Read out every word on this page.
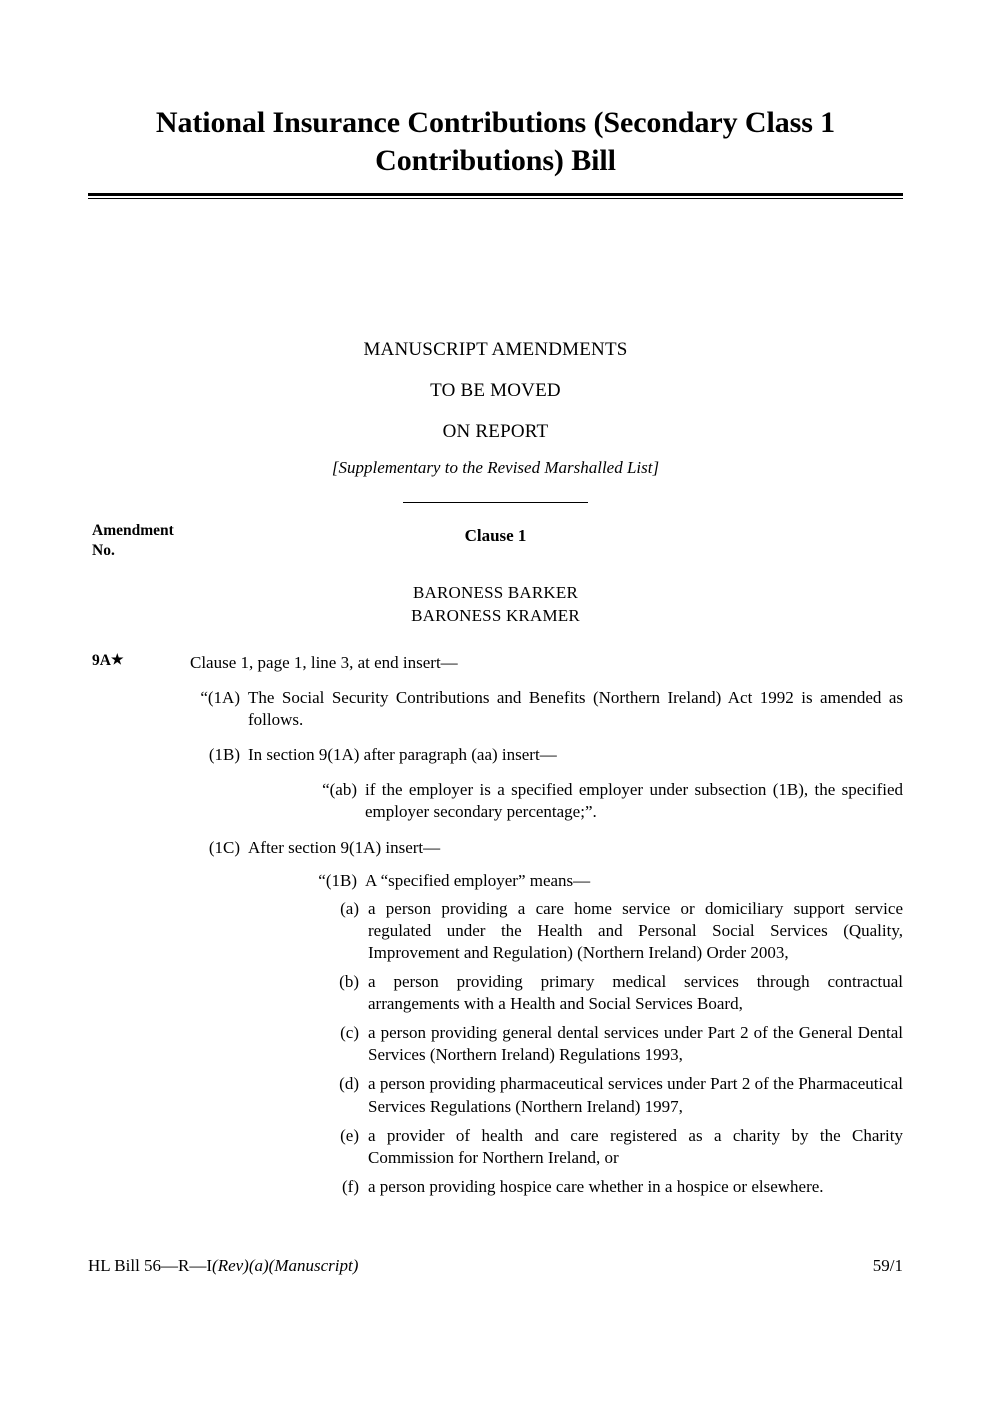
National Insurance Contributions (Secondary Class 1 Contributions) Bill
MANUSCRIPT AMENDMENTS
TO BE MOVED
ON REPORT
[Supplementary to the Revised Marshalled List]
Amendment
No.
Clause 1
BARONESS BARKER
BARONESS KRAMER
9A★	Clause 1, page 1, line 3, at end insert—
“(1A) The Social Security Contributions and Benefits (Northern Ireland) Act 1992 is amended as follows.
(1B) In section 9(1A) after paragraph (aa) insert—
“(ab) if the employer is a specified employer under subsection (1B), the specified employer secondary percentage;”.
(1C) After section 9(1A) insert—
“(1B) A “specified employer” means—
(a) a person providing a care home service or domiciliary support service regulated under the Health and Personal Social Services (Quality, Improvement and Regulation) (Northern Ireland) Order 2003,
(b) a person providing primary medical services through contractual arrangements with a Health and Social Services Board,
(c) a person providing general dental services under Part 2 of the General Dental Services (Northern Ireland) Regulations 1993,
(d) a person providing pharmaceutical services under Part 2 of the Pharmaceutical Services Regulations (Northern Ireland) 1997,
(e) a provider of health and care registered as a charity by the Charity Commission for Northern Ireland, or
(f) a person providing hospice care whether in a hospice or elsewhere.
HL Bill 56—R—I(Rev)(a)(Manuscript)	59/1
